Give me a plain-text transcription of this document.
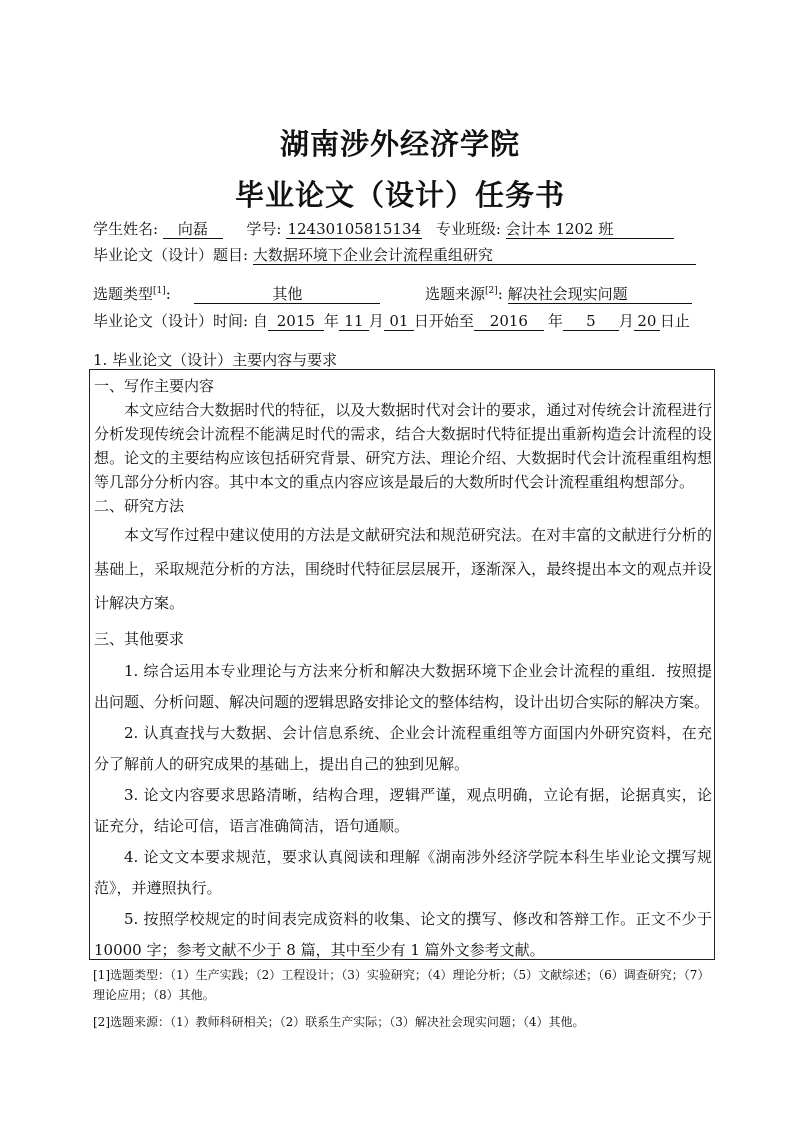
湖南涉外经济学院
毕业论文（设计）任务书
学生姓名: 向磊	学号: 12430105815134 专业班级: 会计本 1202 班
毕业论文（设计）题目: 大数据环境下企业会计流程重组研究
选题类型[1]:	其他	选题来源[2]: 解决社会现实问题
毕业论文（设计）时间: 自 2015 年 11 月 01 日开始至 2016 年 5 月 20 日止
1. 毕业论文（设计）主要内容与要求
一、写作主要内容
本文应结合大数据时代的特征，以及大数据时代对会计的要求，通过对传统会计流程进行分析发现传统会计流程不能满足时代的需求，结合大数据时代特征提出重新构造会计流程的设想。论文的主要结构应该包括研究背景、研究方法、理论介绍、大数据时代会计流程重组构想等几部分分析内容。其中本文的重点内容应该是最后的大数所时代会计流程重组构想部分。
二、研究方法
本文写作过程中建议使用的方法是文献研究法和规范研究法。在对丰富的文献进行分析的基础上，采取规范分析的方法，围绕时代特征层层展开，逐渐深入，最终提出本文的观点并设计解决方案。
三、其他要求
1. 综合运用本专业理论与方法来分析和解决大数据环境下企业会计流程的重组．按照提出问题、分析问题、解决问题的逻辑思路安排论文的整体结构，设计出切合实际的解决方案。
2. 认真查找与大数据、会计信息系统、企业会计流程重组等方面国内外研究资料，在充分了解前人的研究成果的基础上，提出自己的独到见解。
3. 论文内容要求思路清晰，结构合理，逻辑严谨，观点明确，立论有据，论据真实，论证充分，结论可信，语言准确简洁，语句通顺。
4. 论文文本要求规范，要求认真阅读和理解《湖南涉外经济学院本科生毕业论文撰写规范》，并遵照执行。
5. 按照学校规定的时间表完成资料的收集、论文的撰写、修改和答辩工作。正文不少于 10000 字；参考文献不少于 8 篇，其中至少有 1 篇外文参考文献。
[1]选题类型：（1）生产实践；（2）工程设计；（3）实验研究；（4）理论分析；（5）文献综述；（6）调查研究；（7）理论应用；（8）其他。
[2]选题来源：（1）教师科研相关；（2）联系生产实际；（3）解决社会现实问题；（4）其他。
